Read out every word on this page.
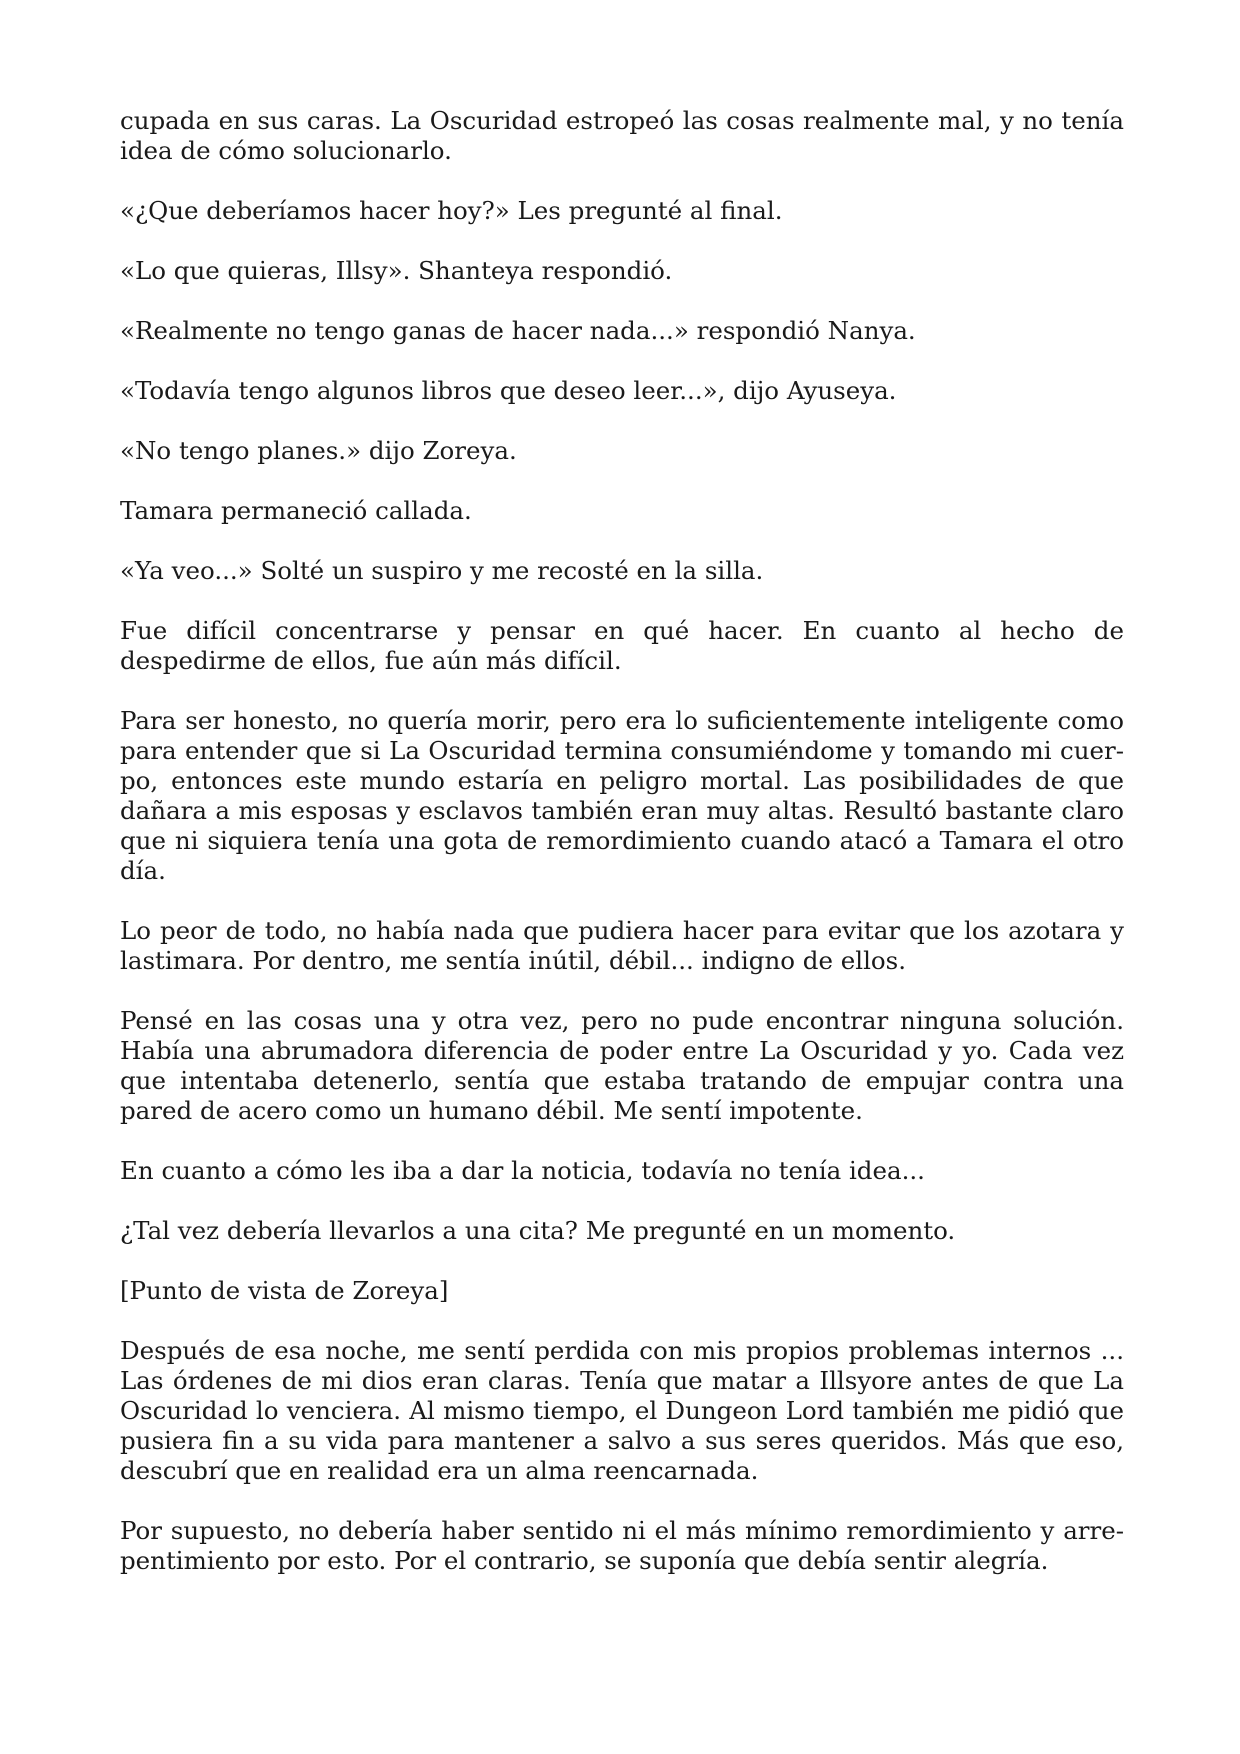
cupada en sus caras. La Oscuridad estropeó las cosas realmente mal, y no tenía idea de cómo solucionarlo.

«¿Que deberíamos hacer hoy?» Les pregunté al final.

«Lo que quieras, Illsy». Shanteya respondió.

«Realmente no tengo ganas de hacer nada...» respondió Nanya.

«Todavía tengo algunos libros que deseo leer...», dijo Ayuseya.

«No tengo planes.» dijo Zoreya.

Tamara permaneció callada.

«Ya veo...» Solté un suspiro y me recosté en la silla.

Fue difícil concentrarse y pensar en qué hacer. En cuanto al hecho de despedirme de ellos, fue aún más difícil.

Para ser honesto, no quería morir, pero era lo suficientemente inteligente como para entender que si La Oscuridad termina consumiéndome y tomando mi cuerpo, entonces este mundo estaría en peligro mortal. Las posibilidades de que dañara a mis esposas y esclavos también eran muy altas. Resultó bastante claro que ni siquiera tenía una gota de remordimiento cuando atacó a Tamara el otro día.

Lo peor de todo, no había nada que pudiera hacer para evitar que los azotara y lastimara. Por dentro, me sentía inútil, débil... indigno de ellos.

Pensé en las cosas una y otra vez, pero no pude encontrar ninguna solución. Había una abrumadora diferencia de poder entre La Oscuridad y yo. Cada vez que intentaba detenerlo, sentía que estaba tratando de empujar contra una pared de acero como un humano débil. Me sentí impotente.

En cuanto a cómo les iba a dar la noticia, todavía no tenía idea...

¿Tal vez debería llevarlos a una cita? Me pregunté en un momento.

[Punto de vista de Zoreya]

Después de esa noche, me sentí perdida con mis propios problemas internos ... Las órdenes de mi dios eran claras. Tenía que matar a Illsyore antes de que La Oscuridad lo venciera. Al mismo tiempo, el Dungeon Lord también me pidió que pusiera fin a su vida para mantener a salvo a sus seres queridos. Más que eso, descubrí que en realidad era un alma reencarnada.

Por supuesto, no debería haber sentido ni el más mínimo remordimiento y arrepentimiento por esto. Por el contrario, se suponía que debía sentir alegría.
